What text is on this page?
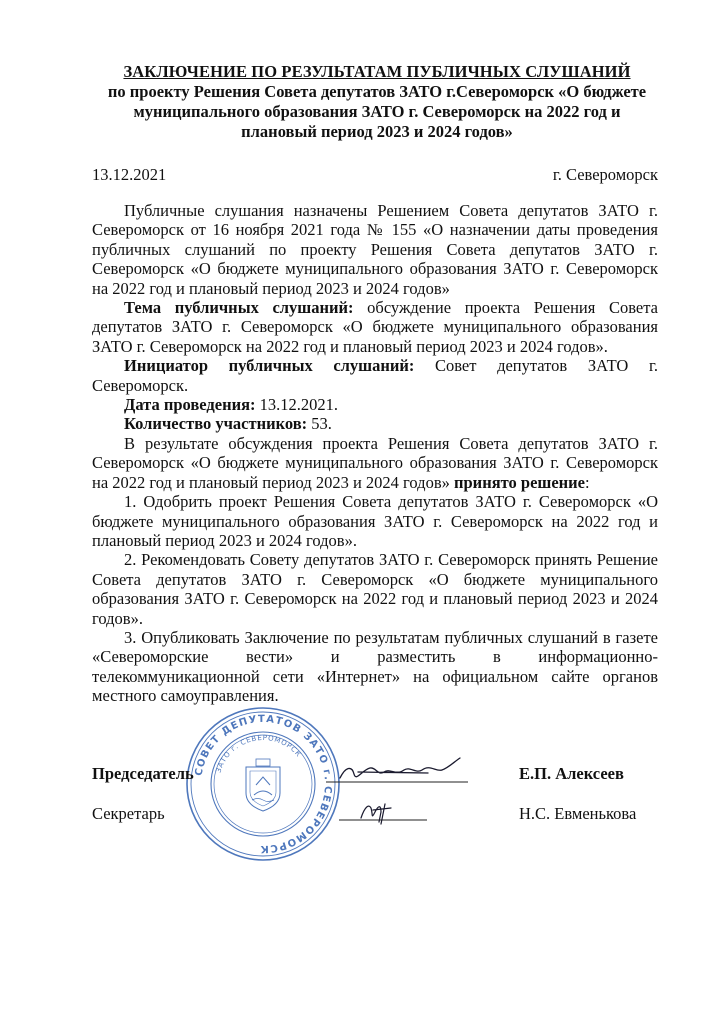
ЗАКЛЮЧЕНИЕ ПО РЕЗУЛЬТАТАМ ПУБЛИЧНЫХ СЛУШАНИЙ
по проекту Решения Совета депутатов ЗАТО г.Североморск «О бюджете
муниципального образования ЗАТО г. Североморск на 2022 год и
плановый период 2023 и 2024 годов»
13.12.2021	г. Североморск

Публичные слушания назначены Решением Совета депутатов ЗАТО г. Североморск от 16 ноября 2021 года № 155 «О назначении даты проведения публичных слушаний по проекту Решения Совета депутатов ЗАТО г. Североморск «О бюджете муниципального образования ЗАТО г. Североморск на 2022 год и плановый период 2023 и 2024 годов»

Тема публичных слушаний: обсуждение проекта Решения Совета депутатов ЗАТО г. Североморск «О бюджете муниципального образования ЗАТО г. Североморск на 2022 год и плановый период 2023 и 2024 годов».

Инициатор публичных слушаний: Совет депутатов ЗАТО г. Североморск.

Дата проведения: 13.12.2021.

Количество участников: 53.

В результате обсуждения проекта Решения Совета депутатов ЗАТО г. Североморск «О бюджете муниципального образования ЗАТО г. Североморск на 2022 год и плановый период 2023 и 2024 годов» принято решение:

1. Одобрить проект Решения Совета депутатов ЗАТО г. Североморск «О бюджете муниципального образования ЗАТО г. Североморск на 2022 год и плановый период 2023 и 2024 годов».

2. Рекомендовать Совету депутатов ЗАТО г. Североморск принять Решение Совета депутатов ЗАТО г. Североморск «О бюджете муниципального образования ЗАТО г. Североморск на 2022 год и плановый период 2023 и 2024 годов».

3. Опубликовать Заключение по результатам публичных слушаний в газете «Североморские вести» и разместить в информационно-телекоммуникационной сети «Интернет» на официальном сайте органов местного самоуправления.

СОВЕТ ДЕПУТАТОВ ЗАТО г. СЕВЕРОМОРСК
ЗАТО г. СЕВЕРОМОРСК
Председатель	Е.П. Алексеев
Секретарь	Н.С. Евменькова
